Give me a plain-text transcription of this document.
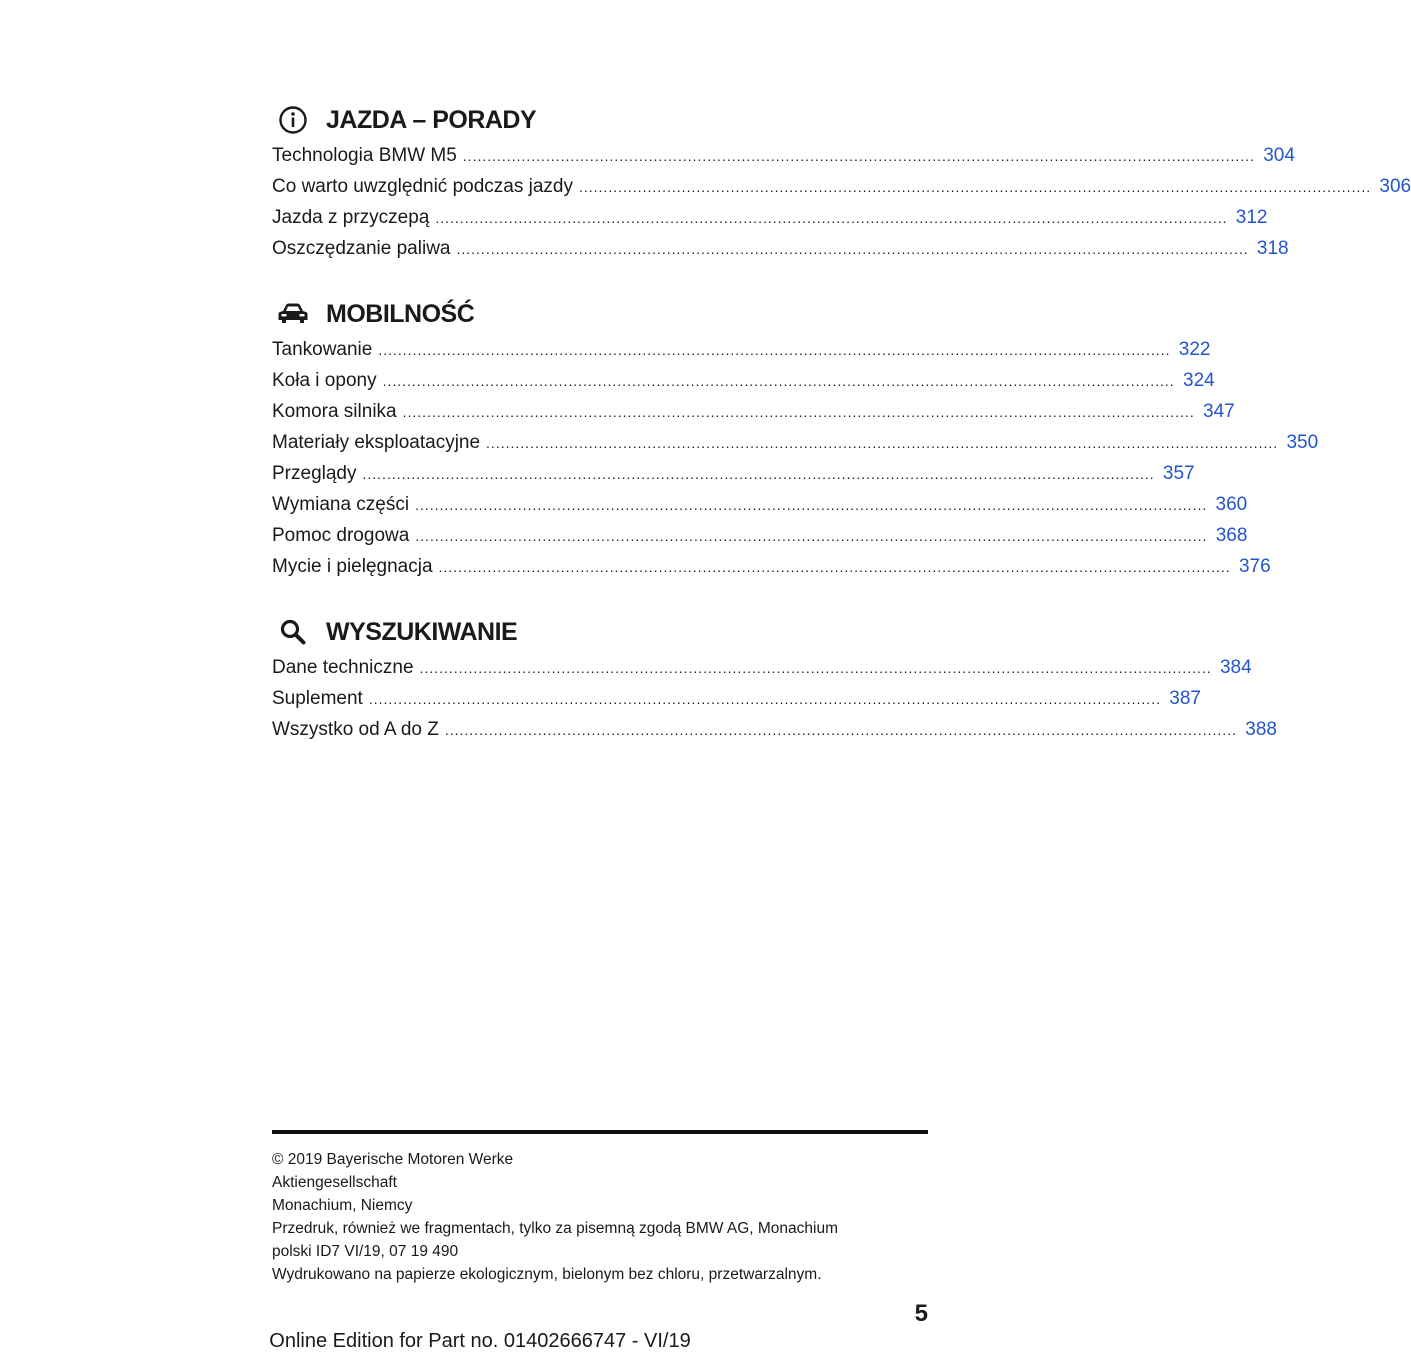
JAZDA – PORADY
Technologia BMW M5 .................................................................................................................................................................. 304
Co warto uwzględnić podczas jazdy .................................................................................................................................................................. 306
Jazda z przyczepą .................................................................................................................................................................. 312
Oszczędzanie paliwa .................................................................................................................................................................. 318
MOBILNOŚĆ
Tankowanie .................................................................................................................................................................. 322
Koła i opony .................................................................................................................................................................. 324
Komora silnika .................................................................................................................................................................. 347
Materiały eksploatacyjne .................................................................................................................................................................. 350
Przeglądy .................................................................................................................................................................. 357
Wymiana części .................................................................................................................................................................. 360
Pomoc drogowa .................................................................................................................................................................. 368
Mycie i pielęgnacja .................................................................................................................................................................. 376
WYSZUKIWANIE
Dane techniczne .................................................................................................................................................................. 384
Suplement .................................................................................................................................................................. 387
Wszystko od A do Z .................................................................................................................................................................. 388
© 2019 Bayerische Motoren Werke
Aktiengesellschaft
Monachium, Niemcy
Przedruk, również we fragmentach, tylko za pisemną zgodą BMW AG, Monachium
polski ID7 VI/19, 07 19 490
Wydrukowano na papierze ekologicznym, bielonym bez chloru, przetwarzalnym.
5
Online Edition for Part no. 01402666747 - VI/19
